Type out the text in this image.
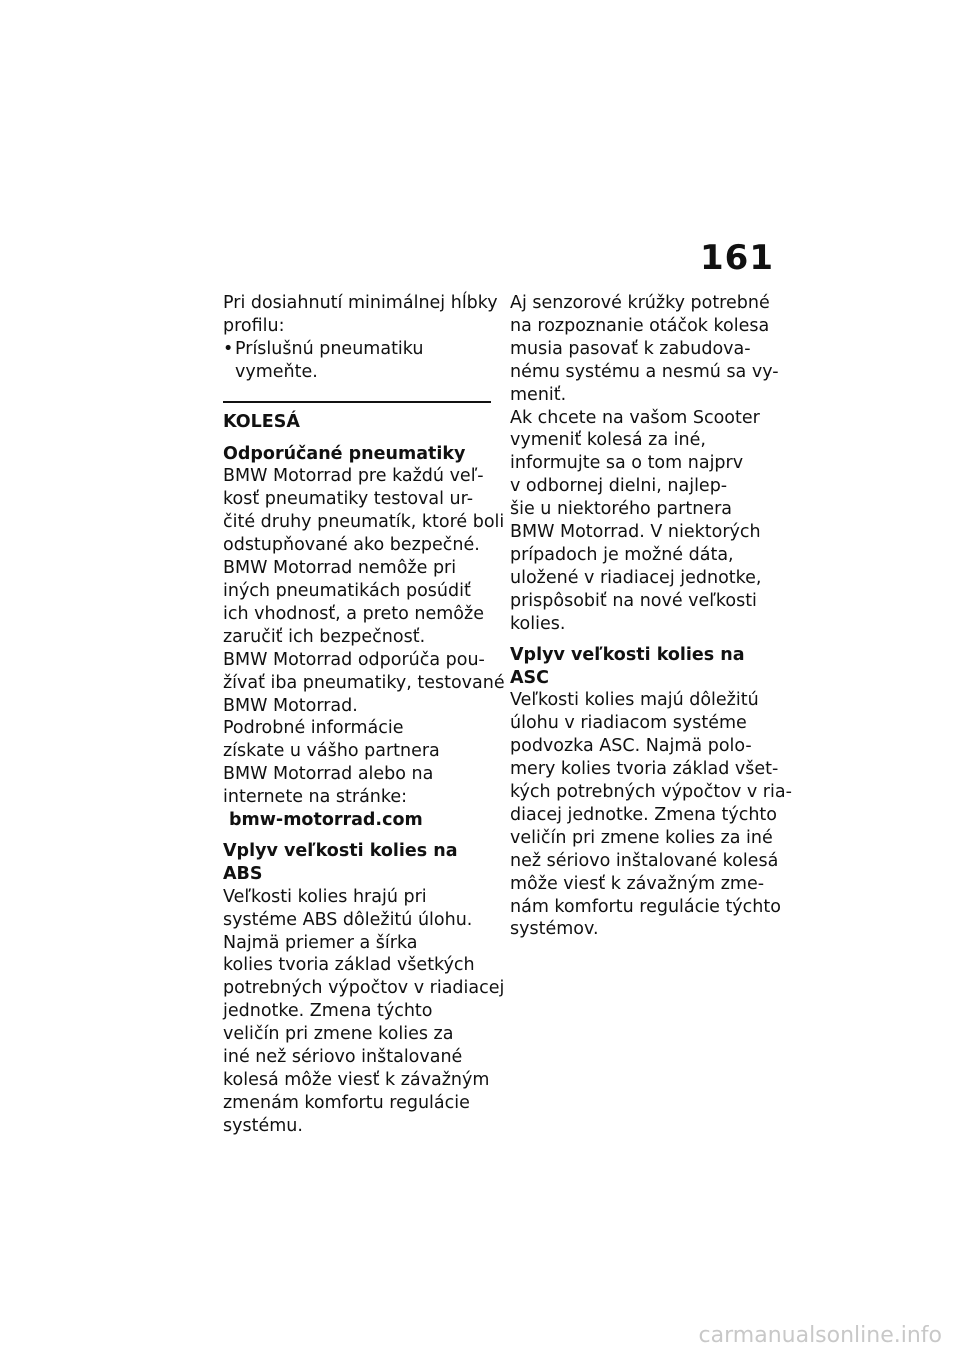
161
Pri dosiahnutí minimálnej hĺbky
profilu:
•Príslušnú pneumatiku
vymeňte.
KOLESÁ
Odporúčané pneumatiky
BMW Motorrad pre každú veľ-
kosť pneumatiky testoval ur-
čité druhy pneumatík, ktoré boli
odstupňované ako bezpečné.
BMW Motorrad nemôže pri
iných pneumatikách posúdiť
ich vhodnosť, a preto nemôže
zaručiť ich bezpečnosť.
BMW Motorrad odporúča pou-
žívať iba pneumatiky, testované
BMW Motorrad.
Podrobné informácie
získate u vášho partnera
BMW Motorrad alebo na
internete na stránke:
bmw-motorrad.com
Vplyv veľkosti kolies na ABS
Veľkosti kolies hrajú pri
systéme ABS dôležitú úlohu.
Najmä priemer a šírka
kolies tvoria základ všetkých
potrebných výpočtov v riadiacej
jednotke. Zmena týchto
veličín pri zmene kolies za
iné než sériovo inštalované
kolesá môže viesť k závažným
zmenám komfortu regulácie
systému.
Aj senzorové krúžky potrebné
na rozpoznanie otáčok kolesa
musia pasovať k zabudova-
nému systému a nesmú sa vy-
meniť.
Ak chcete na vašom Scooter
vymeniť kolesá za iné,
informujte sa o tom najprv
v odbornej dielni, najlep-
šie u niektorého partnera
BMW Motorrad. V niektorých
prípadoch je možné dáta,
uložené v riadiacej jednotke,
prispôsobiť na nové veľkosti
kolies.
Vplyv veľkosti kolies na ASC
Veľkosti kolies majú dôležitú
úlohu v riadiacom systéme
podvozka ASC. Najmä polo-
mery kolies tvoria základ všet-
kých potrebných výpočtov v ria-
diacej jednotke. Zmena týchto
veličín pri zmene kolies za iné
než sériovo inštalované kolesá
môže viesť k závažným zme-
nám komfortu regulácie týchto
systémov.
carmanualsonline.info
